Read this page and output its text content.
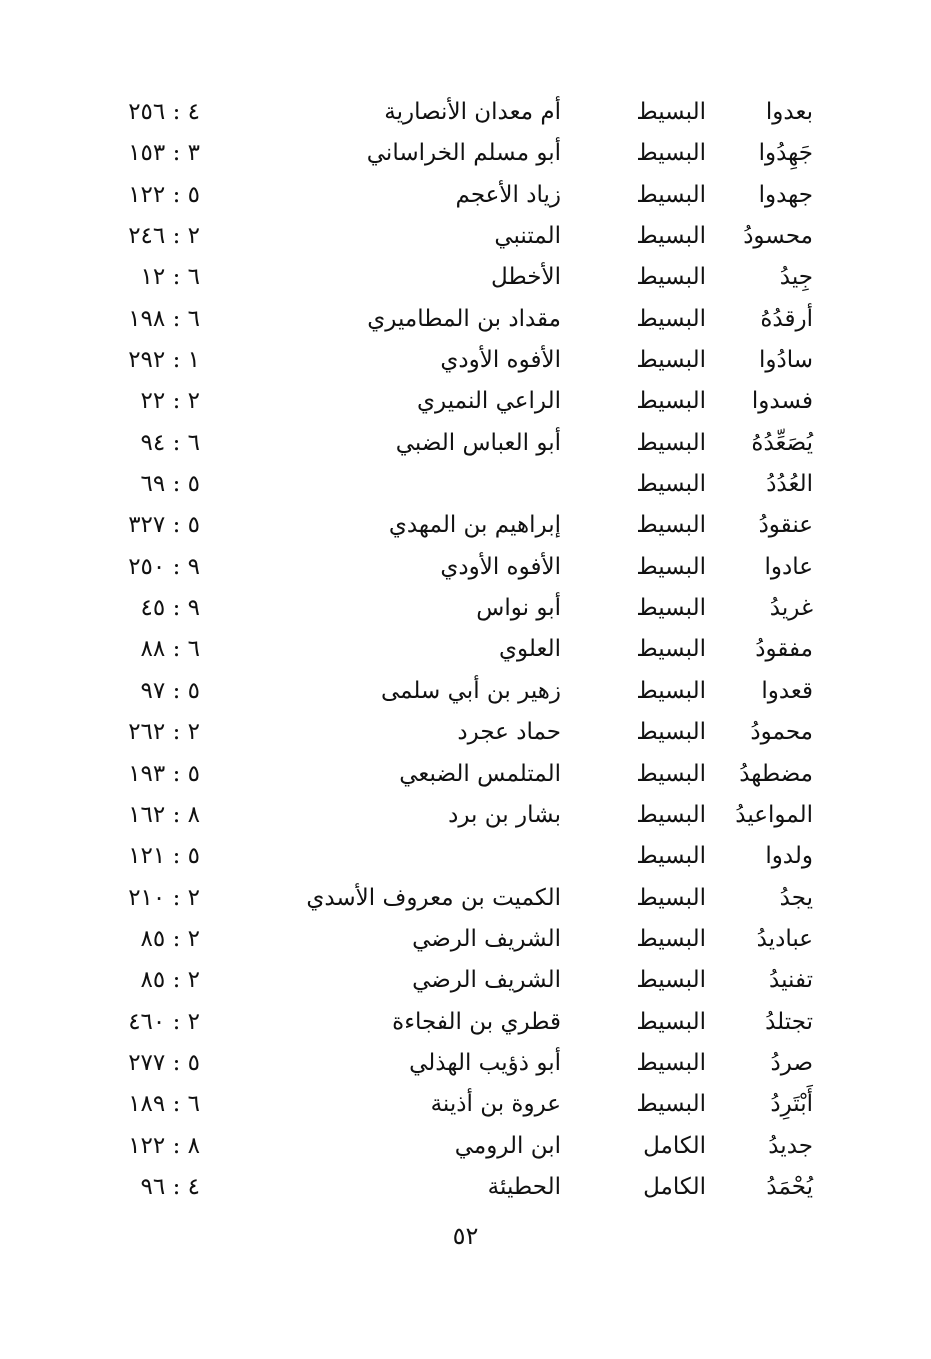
بعدوا
البسيط
أم معدان الأنصارية
٤ : ٢٥٦
جَهِدُوا
البسيط
أبو مسلم الخراساني
٣ : ١٥٣
جهدوا
البسيط
زياد الأعجم
٥ : ١٢٢
محسودُ
البسيط
المتنبي
٢ : ٢٤٦
جِيدُ
البسيط
الأخطل
٦ : ١٢
أرقدُهُ
البسيط
مقداد بن المطاميري
٦ : ١٩٨
سادُوا
البسيط
الأفوه الأودي
١ : ٢٩٢
فسدوا
البسيط
الراعي النميري
٢ : ٢٢
يُصَعِّدُهُ
البسيط
أبو العباس الضبي
٦ : ٩٤
العُدُدُ
البسيط
٥ : ٦٩
عنقودُ
البسيط
إبراهيم بن المهدي
٥ : ٣٢٧
عادوا
البسيط
الأفوه الأودي
٩ : ٢٥٠
غريدُ
البسيط
أبو نواس
٩ : ٤٥
مفقودُ
البسيط
العلوي
٦ : ٨٨
قعدوا
البسيط
زهير بن أبي سلمى
٥ : ٩٧
محمودُ
البسيط
حماد عجرد
٢ : ٢٦٢
مضطهدُ
البسيط
المتلمس الضبعي
٥ : ١٩٣
المواعيدُ
البسيط
بشار بن برد
٨ : ١٦٢
ولدوا
البسيط
٥ : ١٢١
يجدُ
البسيط
الكميت بن معروف الأسدي
٢ : ٢١٠
عباديدُ
البسيط
الشريف الرضي
٢ : ٨٥
تفنيدُ
البسيط
الشريف الرضي
٢ : ٨٥
تجتلدُ
البسيط
قطري بن الفجاءة
٢ : ٤٦٠
صردُ
البسيط
أبو ذؤيب الهذلي
٥ : ٢٧٧
أَبْتَرِدُ
البسيط
عروة بن أذينة
٦ : ١٨٩
جديدُ
الكامل
ابن الرومي
٨ : ١٢٢
يُحْمَدُ
الكامل
الحطيئة
٤ : ٩٦
٥٢
